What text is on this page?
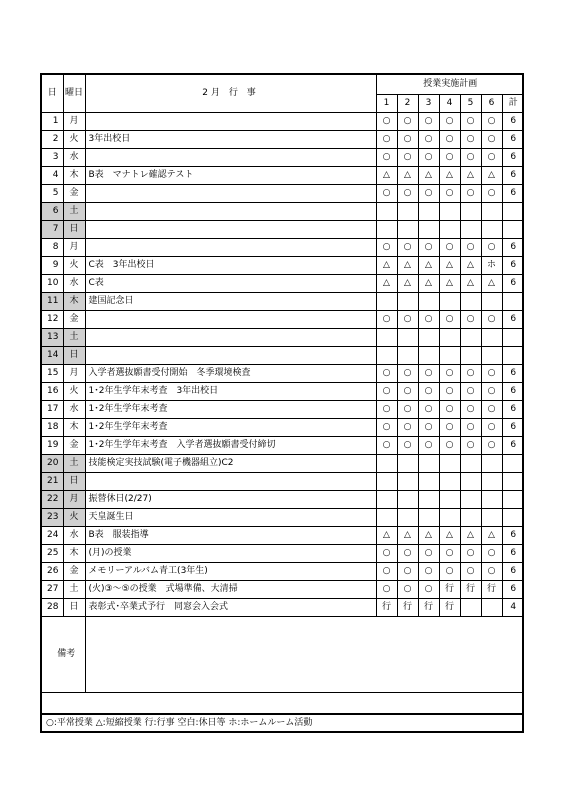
日	曜日	2月 行 事	授業実施計画						
			1	2	3	4	5	6	計
1	月		○	○	○	○	○	○	6
2	火	3年出校日	○	○	○	○	○	○	6
3	水		○	○	○	○	○	○	6
4	木	B表　マナトレ確認テスト	△	△	△	△	△	△	6
5	金		○	○	○	○	○	○	6
6	土								
7	日								
8	月		○	○	○	○	○	○	6
9	火	C表　3年出校日	△	△	△	△	△	ホ	6
10	水	C表	△	△	△	△	△	△	6
11	木	建国記念日							
12	金		○	○	○	○	○	○	6
13	土								
14	日								
15	月	入学者選抜願書受付開始　冬季環境検査	○	○	○	○	○	○	6
16	火	1･2年生学年末考査　3年出校日	○	○	○	○	○	○	6
17	水	1･2年生学年末考査	○	○	○	○	○	○	6
18	木	1･2年生学年末考査	○	○	○	○	○	○	6
19	金	1･2年生学年末考査　入学者選抜願書受付締切	○	○	○	○	○	○	6
20	土	技能検定実技試験(電子機器組立)C2							
21	日								
22	月	振替休日(2/27)							
23	火	天皇誕生日							
24	水	B表　服装指導	△	△	△	△	△	△	6
25	木	(月)の授業	○	○	○	○	○	○	6
26	金	メモリーアルバム青工(3年生)	○	○	○	○	○	○	6
27	土	(火)③～⑤の授業　式場準備、大清掃	○	○	○	行	行	行	6
28	日	表彰式･卒業式予行　同窓会入会式	行	行	行	行			4
備考									
○:平常授業 △:短縮授業 行:行事 空白:休日等 ホ:ホームルーム活動
